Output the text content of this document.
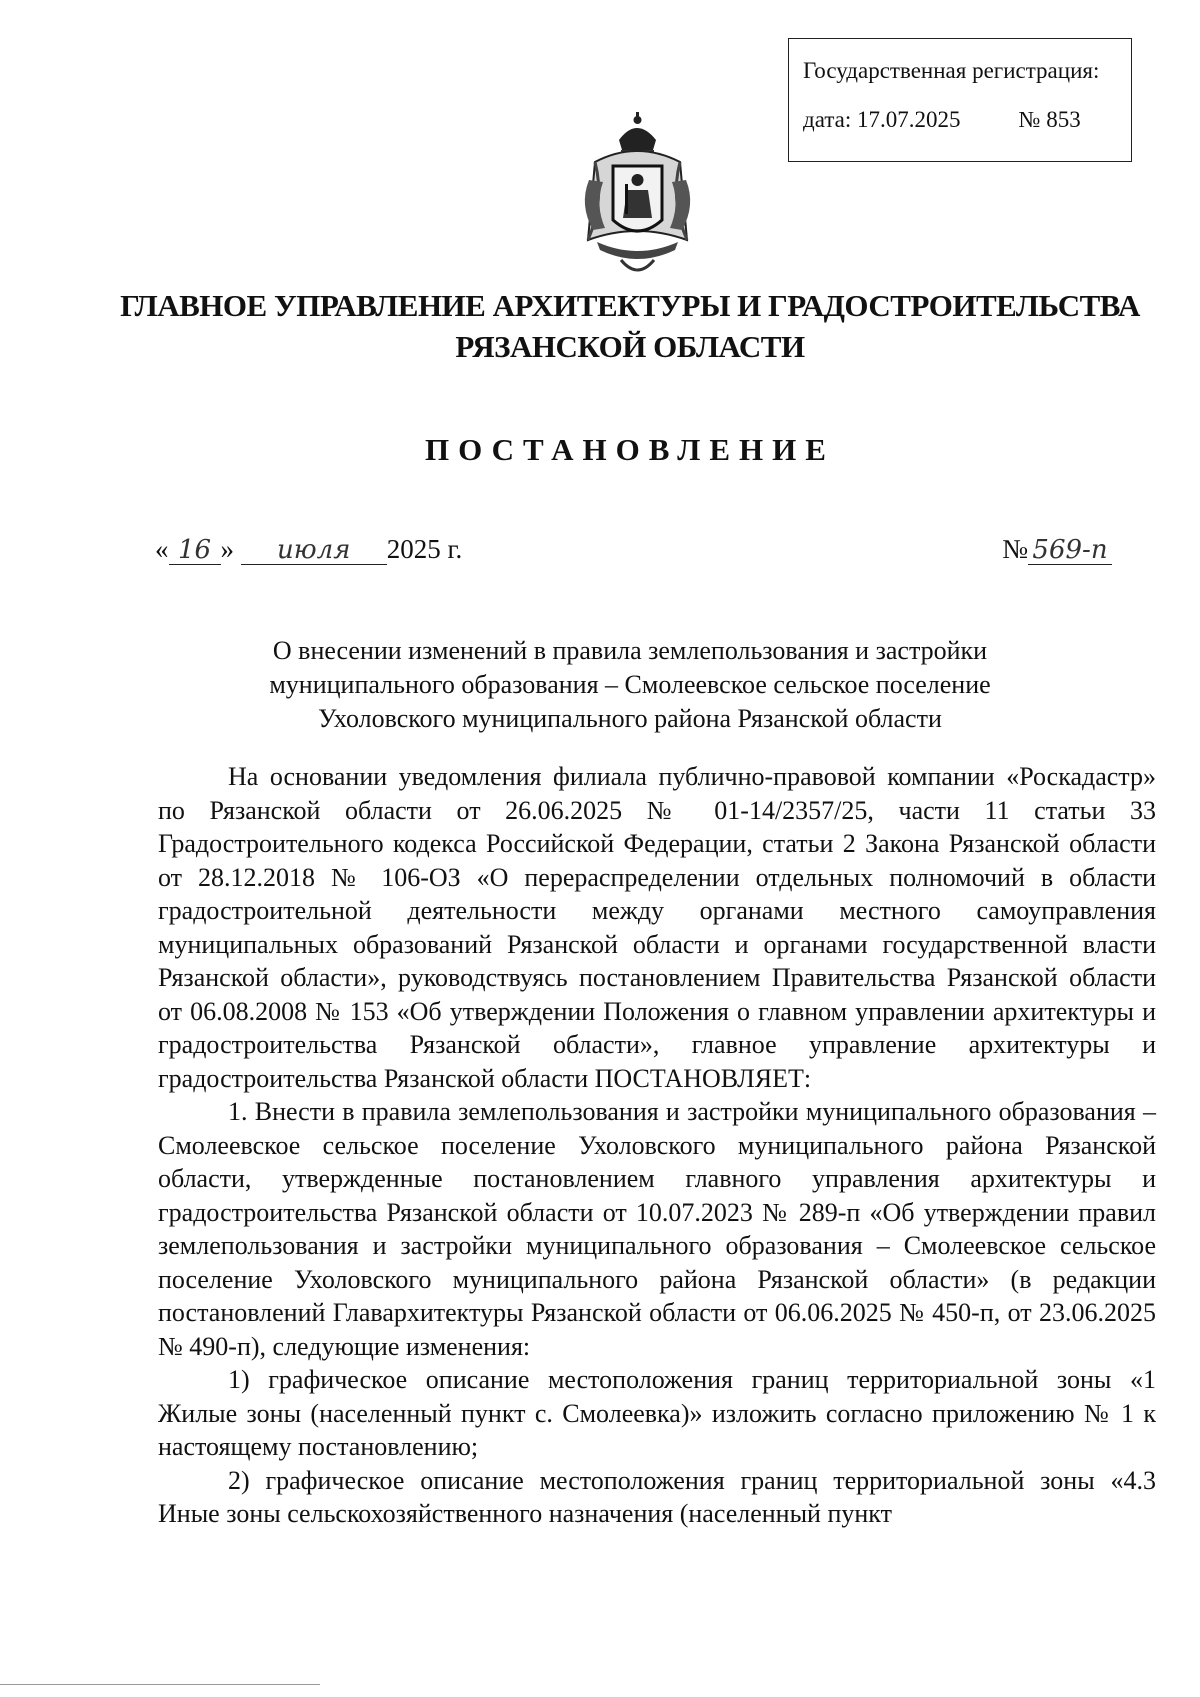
Государственная регистрация:
дата: 17.07.2025	№ 853
ГЛАВНОЕ УПРАВЛЕНИЕ АРХИТЕКТУРЫ И ГРАДОСТРОИТЕЛЬСТВА
РЯЗАНСКОЙ ОБЛАСТИ
ПОСТАНОВЛЕНИЕ
« 16 » июля 2025 г.	№ 569-п
О внесении изменений в правила землепользования и застройки
муниципального образования – Смолеевское сельское поселение
Ухоловского муниципального района Рязанской области

На основании уведомления филиала публично-правовой компании «Роскадастр» по Рязанской области от 26.06.2025 № 01-14/2357/25, части 11 статьи 33 Градостроительного кодекса Российской Федерации, статьи 2 Закона Рязанской области от 28.12.2018 № 106-ОЗ «О перераспределении отдельных полномочий в области градостроительной деятельности между органами местного самоуправления муниципальных образований Рязанской области и органами государственной власти Рязанской области», руководствуясь постановлением Правительства Рязанской области от 06.08.2008 № 153 «Об утверждении Положения о главном управлении архитектуры и градостроительства Рязанской области», главное управление архитектуры и градостроительства Рязанской области ПОСТАНОВЛЯЕТ:

1. Внести в правила землепользования и застройки муниципального образования – Смолеевское сельское поселение Ухоловского муниципального района Рязанской области, утвержденные постановлением главного управления архитектуры и градостроительства Рязанской области от 10.07.2023 № 289-п «Об утверждении правил землепользования и застройки муниципального образования – Смолеевское сельское поселение Ухоловского муниципального района Рязанской области» (в редакции постановлений Главархитектуры Рязанской области от 06.06.2025 № 450-п, от 23.06.2025 № 490-п), следующие изменения:

1) графическое описание местоположения границ территориальной зоны «1 Жилые зоны (населенный пункт с. Смолеевка)» изложить согласно приложению № 1 к настоящему постановлению;

2) графическое описание местоположения границ территориальной зоны «4.3 Иные зоны сельскохозяйственного назначения (населенный пункт
